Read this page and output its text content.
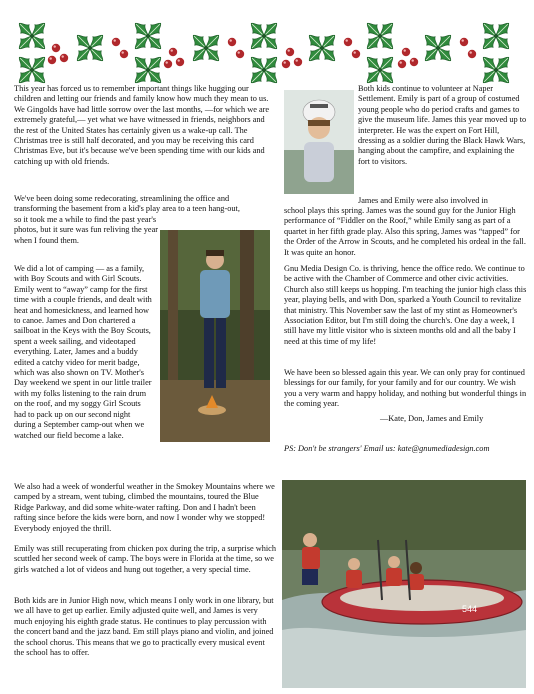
This year has forced us to remember important things like hugging our children and letting our friends and family know how much they mean to us. We Gingolds have had little sorrow over the last months, —for which we are extremely grateful,— yet what we have witnessed in friends, neighbors and the rest of the United States has certainly given us a wake-up call. The Christmas tree is still half decorated, and you may be receiving this card Christmas Eve, but it's because we've been spending time with our kids and catching up with old friends.

We've been doing some redecorating, streamlining the office and transforming the basement from a kid's play area to a teen hang-out,

so it took me a while to find the past year's photos, but it sure was fun reliving the year when I found them.

We did a lot of camping — as a family, with Boy Scouts and with Girl Scouts. Emily went to “away” camp for the first time with a couple friends, and dealt with heat and homesickness, and learned how to canoe. James and Don chartered a sailboat in the Keys with the Boy Scouts, spent a week sailing, and videotaped everything. Later, James and a buddy edited a catchy video for merit badge, which was also shown on TV. Mother's Day weekend we spent in our little trailer with my folks listening to the rain drum on the roof, and my soggy Girl Scouts had to pack up on our second night during a September camp-out when we watched our field become a lake.

We also had a week of wonderful weather in the Smokey Mountains where we camped by a stream, went tubing, climbed the mountains, toured the Blue Ridge Parkway, and did some white-water rafting. Don and I hadn't been rafting since before the kids were born, and now I wonder why we stopped! Everybody enjoyed the thrill.

Emily was still recuperating from chicken pox during the trip, a surprise which scuttled her second week of camp. The boys were in Florida at the time, so we girls watched a lot of videos and hung out together, a very special time.

Both kids are in Junior High now, which means I only work in one library, but we all have to get up earlier. Emily adjusted quite well, and James is very much enjoying his eighth grade status. He continues to play percussion with the concert band and the jazz band. Em still plays piano and violin, and joined the school chorus. This means that we go to practically every musical event the school has to offer.

Both kids continue to volunteer at Naper Settlement. Emily is part of a group of costumed young people who do period crafts and games to give the museum life. James this year moved up to interpreter. He was the expert on Fort Hill, dressing as a soldier during the Black Hawk Wars, hanging about the campfire, and explaining the fort to visitors.

James and Emily were also involved in

school plays this spring. James was the sound guy for the Junior High performance of “Fiddler on the Roof,” while Emily sang as part of a quartet in her fifth grade play. Also this spring, James was “tapped” for the Order of the Arrow in Scouts, and he completed his ordeal in the fall. It was quite an honor.

Gnu Media Design Co. is thriving, hence the office redo. We continue to be active with the Chamber of Commerce and other civic activities. Church also still keeps us hopping. I'm teaching the junior high class this year, playing bells, and with Don, sparked a Youth Council to revitalize that ministry. This November saw the last of my stint as Homeowner's Association Editor, but I'm still doing the church's. One day a week, I still have my little visitor who is sixteen months old and all the baby I need at this time of my life!

We have been so blessed again this year. We can only pray for continued blessings for our family, for your family and for our country. We wish you a very warm and happy holiday, and nothing but wonderful things in the coming year.

—Kate, Don, James and Emily
PS: Don't be strangers' Email us: kate@gnumediadesign.com
544
